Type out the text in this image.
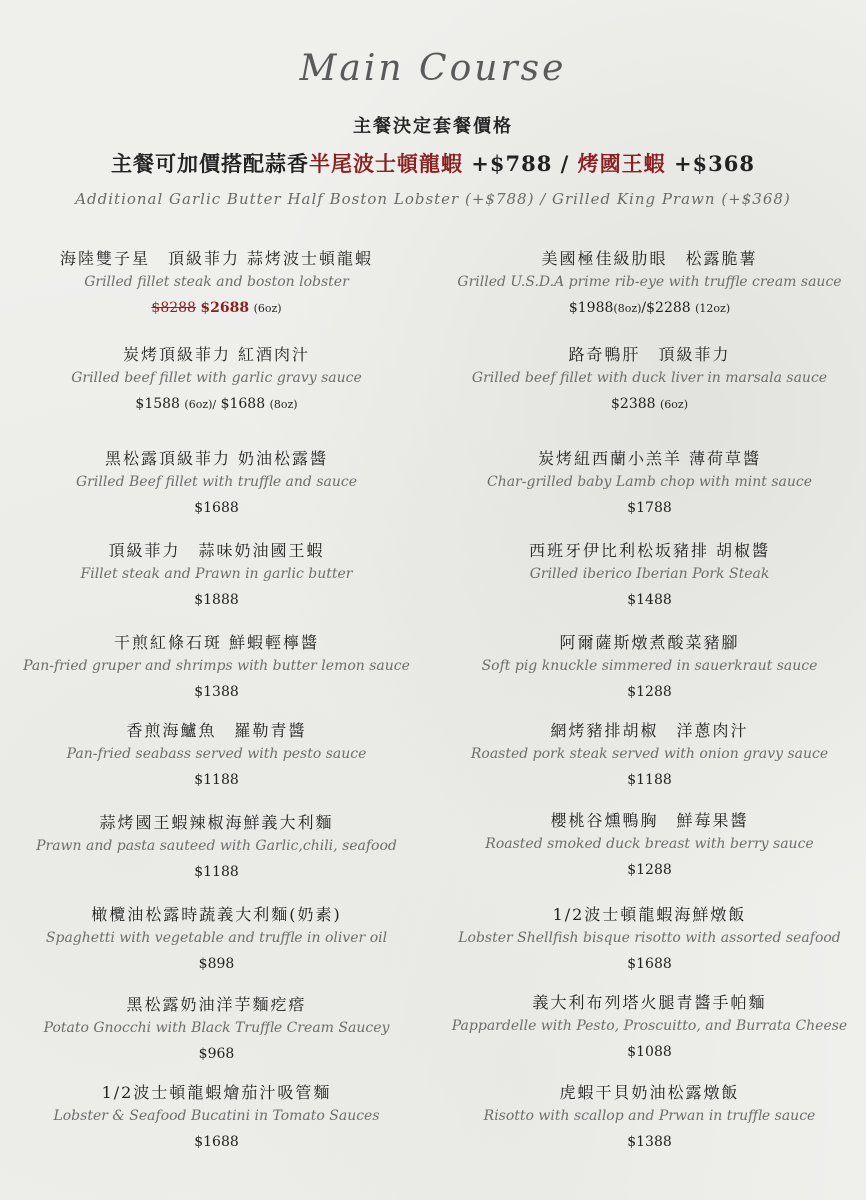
Main Course
主餐決定套餐價格
主餐可加價搭配蒜香半尾波士頓龍蝦 +$788 / 烤國王蝦 +$368
Additional Garlic Butter Half Boston Lobster (+$788) / Grilled King Prawn (+$368)
海陸雙子星　頂級菲力 蒜烤波士頓龍蝦
Grilled fillet steak and boston lobster
$8288 $2688 (6oz)
美國極佳級肋眼　松露脆薯
Grilled U.S.D.A prime rib-eye with truffle cream sauce
$1988(8oz)/$2288 (12oz)
炭烤頂級菲力 紅酒肉汁
Grilled beef fillet with garlic gravy sauce
$1588 (6oz)/ $1688 (8oz)
路奇鴨肝　頂級菲力
Grilled beef fillet with duck liver in marsala sauce
$2388 (6oz)
黑松露頂級菲力 奶油松露醬
Grilled Beef fillet with truffle and sauce
$1688
炭烤紐西蘭小羔羊 薄荷草醬
Char-grilled baby Lamb chop with mint sauce
$1788
頂級菲力　蒜味奶油國王蝦
Fillet steak and Prawn in garlic butter
$1888
西班牙伊比利松坂豬排 胡椒醬
Grilled iberico Iberian Pork Steak
$1488
干煎紅條石斑 鮮蝦輕檸醬
Pan-fried gruper and shrimps with butter lemon sauce
$1388
阿爾薩斯燉煮酸菜豬腳
Soft pig knuckle simmered in sauerkraut sauce
$1288
香煎海鱸魚　羅勒青醬
Pan-fried seabass served with pesto sauce
$1188
網烤豬排胡椒　洋蔥肉汁
Roasted pork steak served with onion gravy sauce
$1188
蒜烤國王蝦辣椒海鮮義大利麵
Prawn and pasta sauteed with Garlic,chili, seafood
$1188
櫻桃谷燻鴨胸　鮮莓果醬
Roasted smoked duck breast with berry sauce
$1288
橄欖油松露時蔬義大利麵(奶素)
Spaghetti with vegetable and truffle in oliver oil
$898
1/2波士頓龍蝦海鮮燉飯
Lobster Shellfish bisque risotto with assorted seafood
$1688
黑松露奶油洋芋麵疙瘩
Potato Gnocchi with Black Truffle Cream Saucey
$968
義大利布列塔火腿青醬手帕麵
Pappardelle with Pesto, Proscuitto, and Burrata Cheese
$1088
1/2波士頓龍蝦燴茄汁吸管麵
Lobster & Seafood Bucatini in Tomato Sauces
$1688
虎蝦干貝奶油松露燉飯
Risotto with scallop and Prwan in truffle sauce
$1388
